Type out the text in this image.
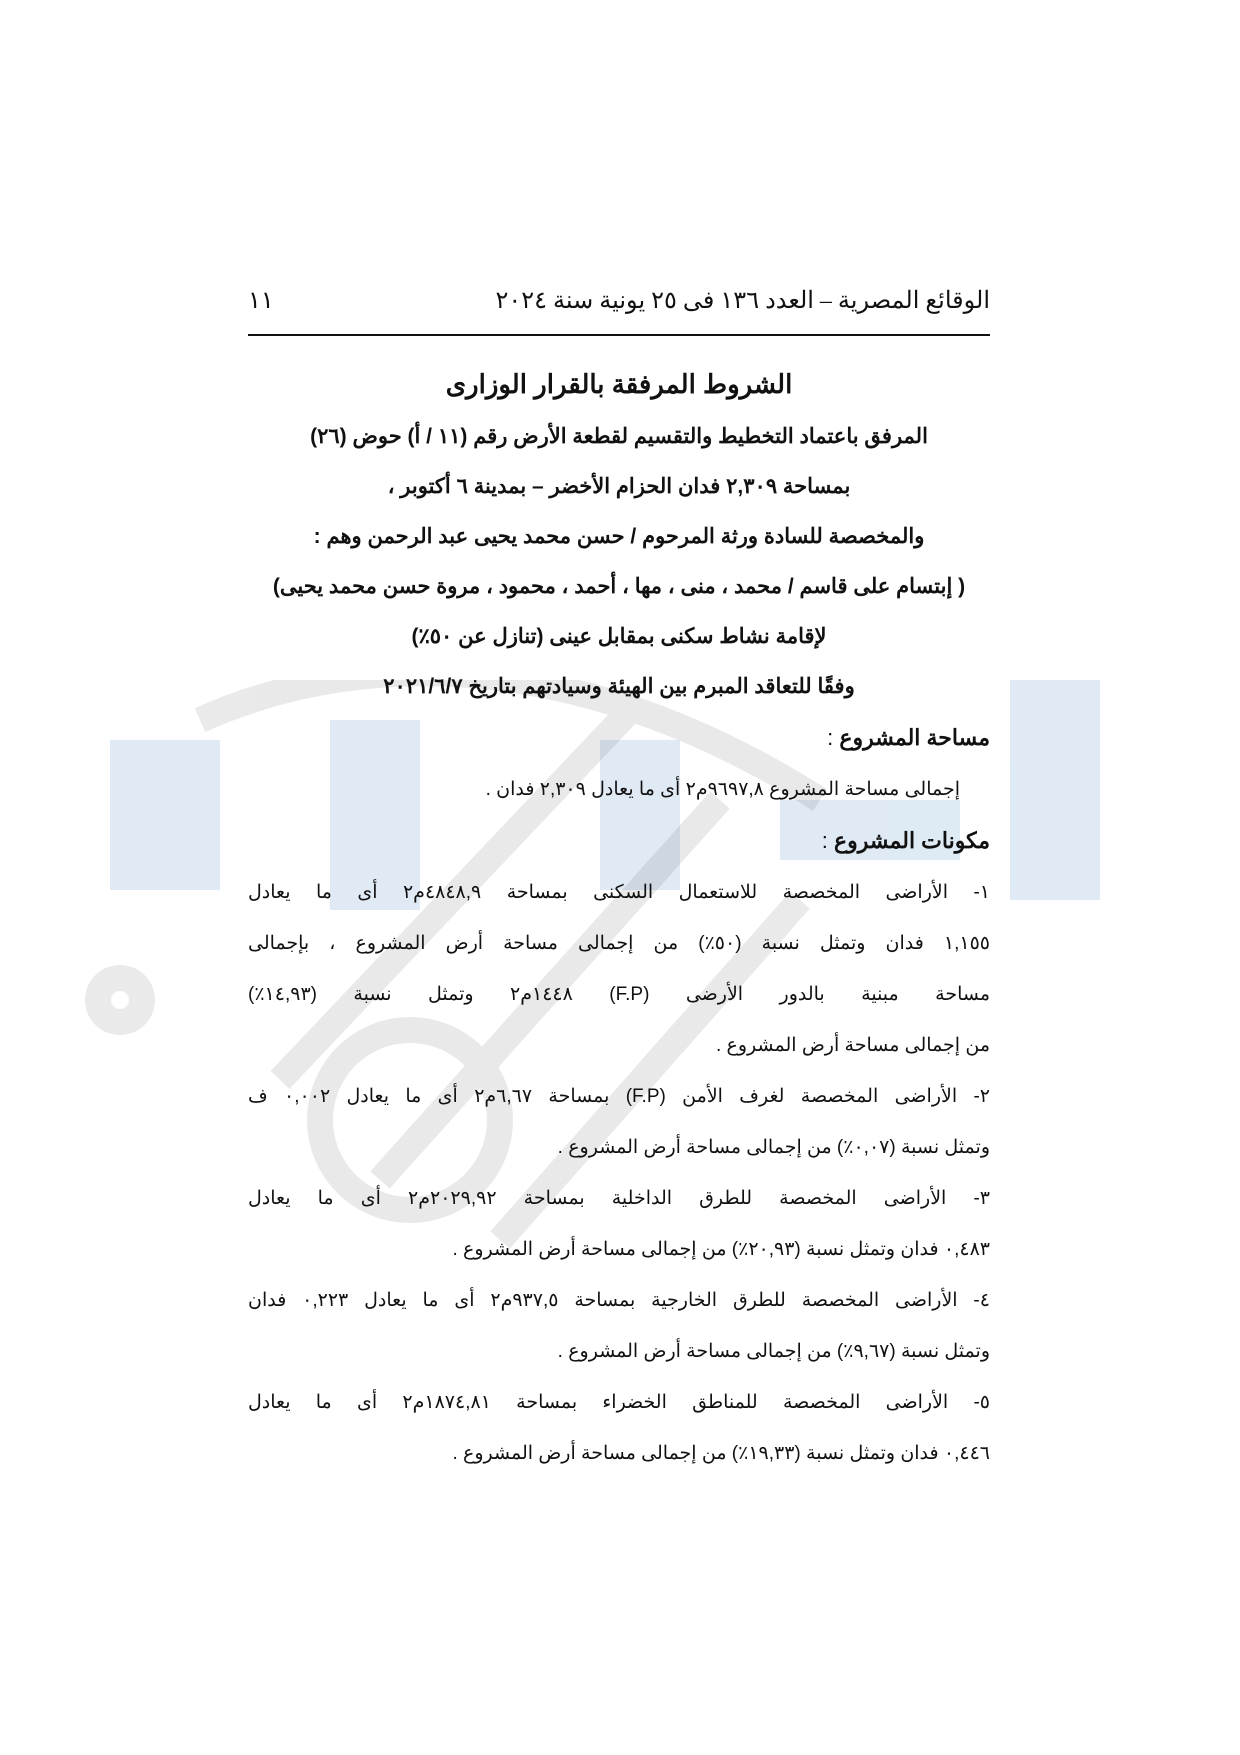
الوقائع المصرية – العدد ١٣٦ فى ٢٥ يونية سنة ٢٠٢٤
١١
الشروط المرفقة بالقرار الوزارى
المرفق باعتماد التخطيط والتقسيم لقطعة الأرض رقم (١١ / أ) حوض (٢٦)
بمساحة ٢,٣٠٩ فدان الحزام الأخضر – بمدينة ٦ أكتوبر ،
والمخصصة للسادة ورثة المرحوم / حسن محمد يحيى عبد الرحمن وهم :
( إبتسام على قاسم / محمد ، منى ، مها ، أحمد ، محمود ، مروة حسن محمد يحيى)
لإقامة نشاط سكنى بمقابل عينى (تنازل عن ٥٠٪)
وفقًا للتعاقد المبرم بين الهيئة وسيادتهم بتاريخ ٢٠٢١/٦/٧
مساحة المشروع :
إجمالى مساحة المشروع ٩٦٩٧,٨م٢ أى ما يعادل ٢,٣٠٩ فدان .
مكونات المشروع :
١- الأراضى المخصصة للاستعمال السكنى بمساحة ٤٨٤٨,٩م٢ أى ما يعادل
١,١٥٥ فدان وتمثل نسبة (٥٠٪) من إجمالى مساحة أرض المشروع ، بإجمالى
مساحة مبنية بالدور الأرضى (F.P) ١٤٤٨م٢ وتمثل نسبة (١٤,٩٣٪)
من إجمالى مساحة أرض المشروع .
٢- الأراضى المخصصة لغرف الأمن (F.P) بمساحة ٦,٦٧م٢ أى ما يعادل ٠,٠٠٢ ف
وتمثل نسبة (٠,٠٧٪) من إجمالى مساحة أرض المشروع .
٣- الأراضى المخصصة للطرق الداخلية بمساحة ٢٠٢٩,٩٢م٢ أى ما يعادل
٠,٤٨٣ فدان وتمثل نسبة (٢٠,٩٣٪) من إجمالى مساحة أرض المشروع .
٤- الأراضى المخصصة للطرق الخارجية بمساحة ٩٣٧,٥م٢ أى ما يعادل ٠,٢٢٣ فدان
وتمثل نسبة (٩,٦٧٪) من إجمالى مساحة أرض المشروع .
٥- الأراضى المخصصة للمناطق الخضراء بمساحة ١٨٧٤,٨١م٢ أى ما يعادل
٠,٤٤٦ فدان وتمثل نسبة (١٩,٣٣٪) من إجمالى مساحة أرض المشروع .
